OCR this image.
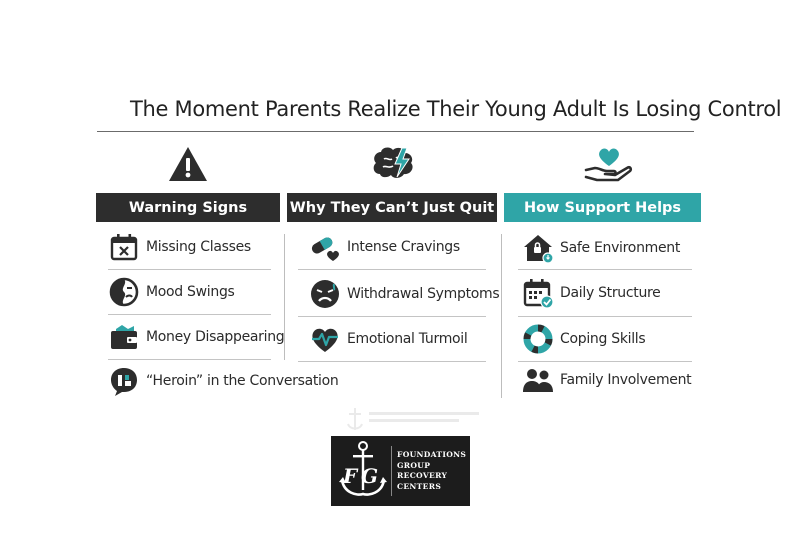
The Moment Parents Realize Their Young Adult Is Losing Control
Warning Signs	Why They Can’t Just Quit	How Support Helps
Missing Classes
Mood Swings
Money Disappearing
“Heroin” in the Conversation
Intense Cravings
Withdrawal Symptoms
Emotional Turmoil
Safe Environment
Daily Structure
Coping Skills
Family Involvement
F G
FOUNDATIONS
GROUP
RECOVERY
CENTERS
